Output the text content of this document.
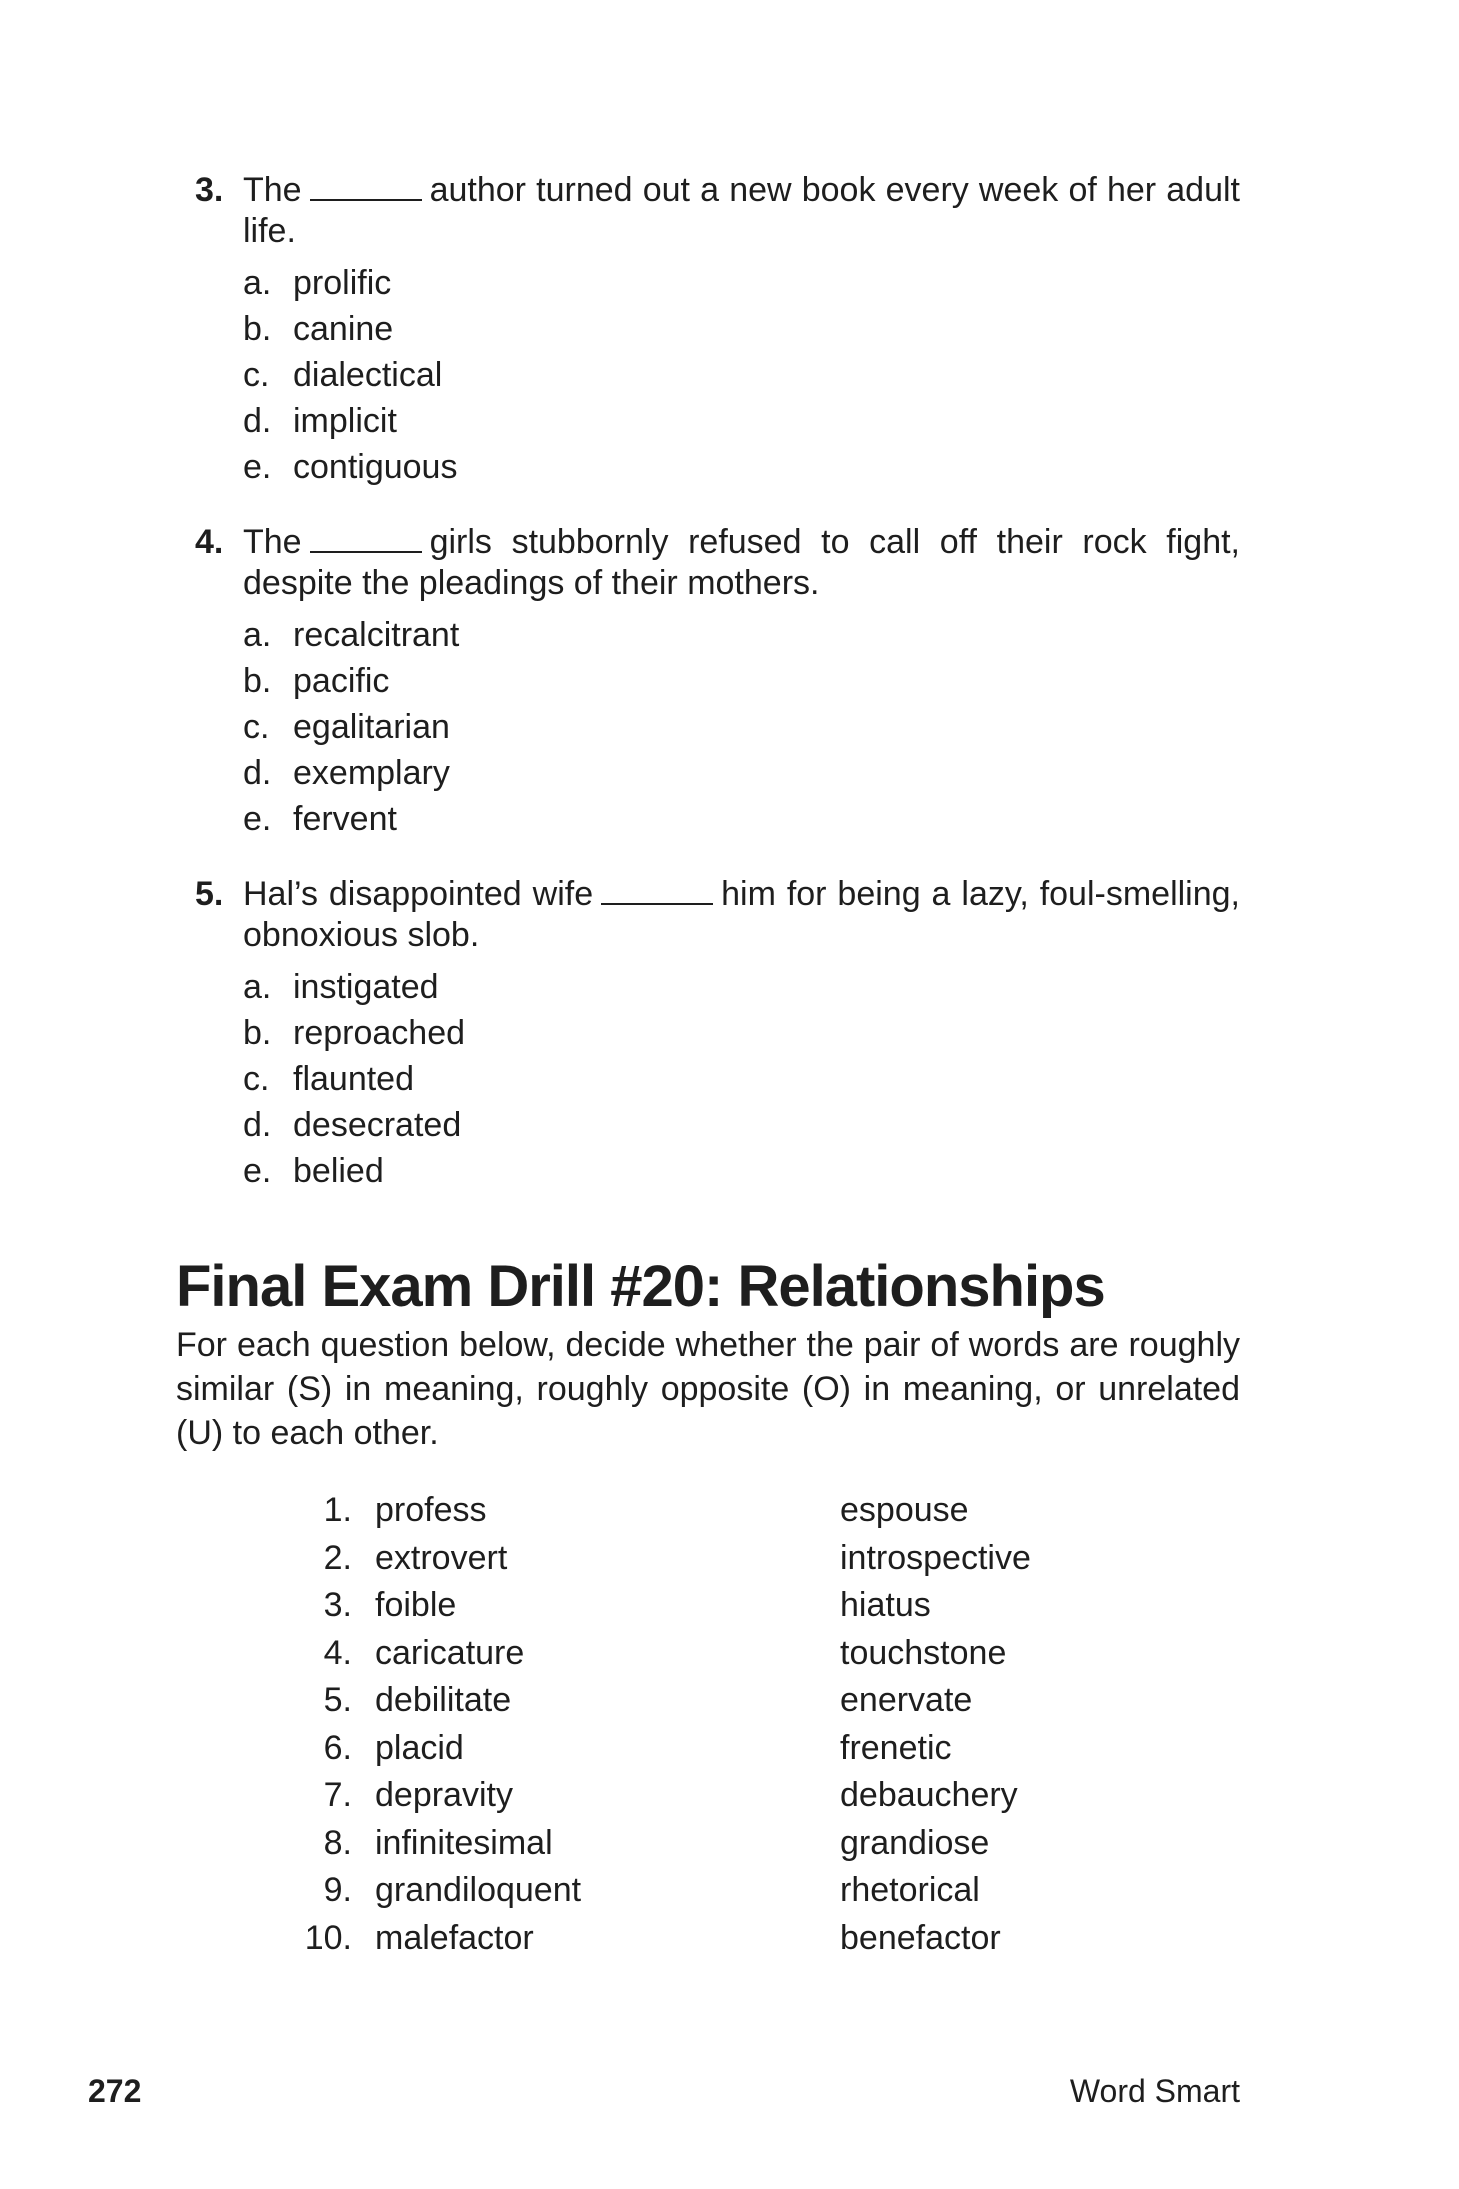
3. The	author turned out a new book every week of her adult life.
a. prolific
b. canine
c. dialectical
d. implicit
e. contiguous
4. The	girls stubbornly refused to call off their rock fight, despite the pleadings of their mothers.
a. recalcitrant
b. pacific
c. egalitarian
d. exemplary
e. fervent
5. Hal’s disappointed wife	him for being a lazy, foul-smelling, obnoxious slob.
a. instigated
b. reproached
c. flaunted
d. desecrated
e. belied
Final Exam Drill #20: Relationships

For each question below, decide whether the pair of words are roughly similar (S) in meaning, roughly opposite (O) in meaning, or unrelated (U) to each other.

1. profess	espouse
2. extrovert	introspective
3. foible	hiatus
4. caricature	touchstone
5. debilitate	enervate
6. placid	frenetic
7. depravity	debauchery
8. infinitesimal	grandiose
9. grandiloquent	rhetorical
10. malefactor	benefactor
272	Word Smart
